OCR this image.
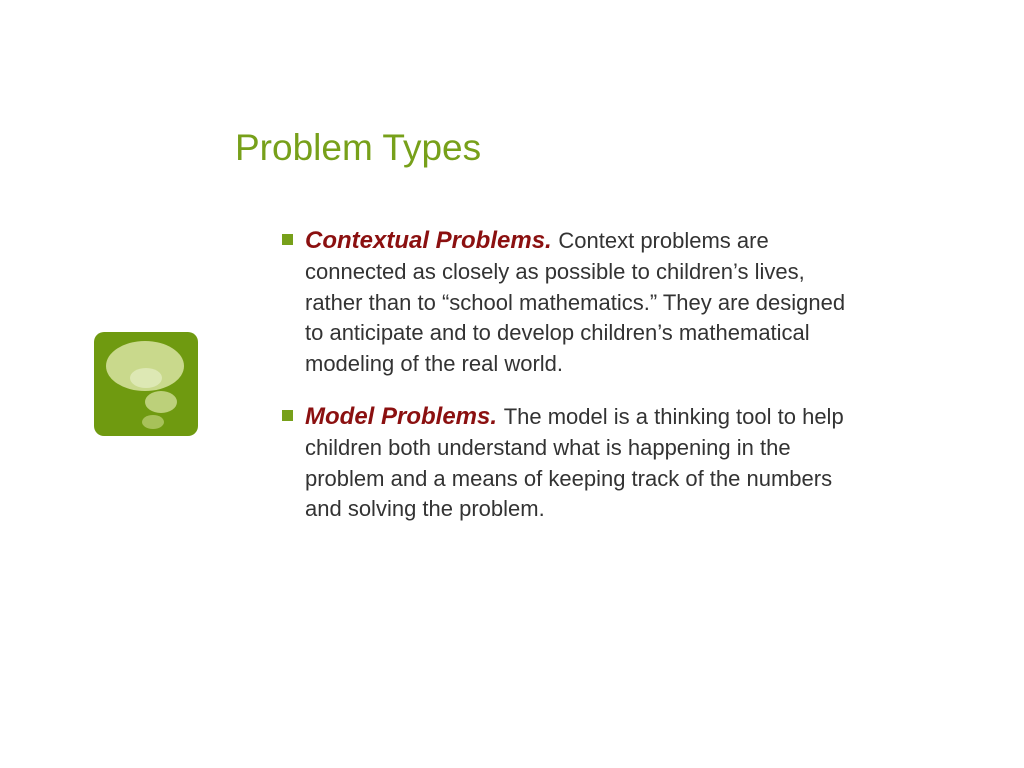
Problem Types
Contextual Problems. Context problems are connected as closely as possible to children’s lives, rather than to “school mathematics.” They are designed to anticipate and to develop children’s mathematical modeling of the real world.
Model Problems. The model is a thinking tool to help children both understand what is happening in the problem and a means of keeping track of the numbers and solving the problem.
